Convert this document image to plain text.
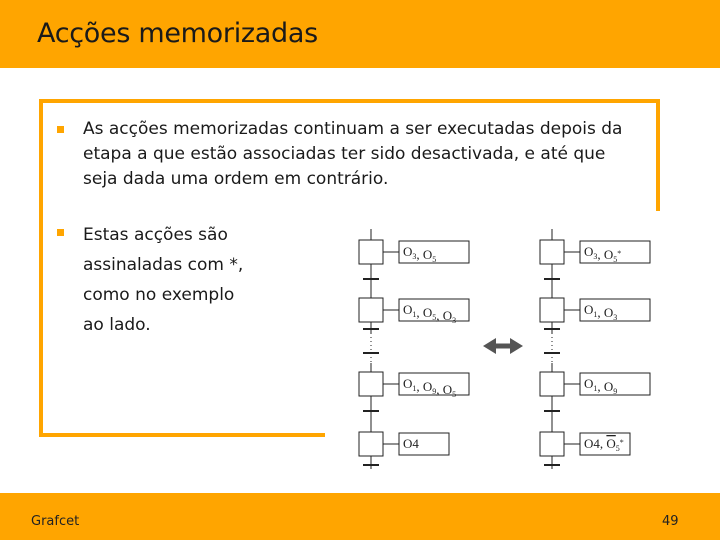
Acções memorizadas
As acções memorizadas continuam a ser executadas depois da
etapa a que estão associadas ter sido desactivada, e até que
seja dada uma ordem em contrário.
Estas acções são
assinaladas com *,
como no exemplo
ao lado.
$O_3$, $O_5$
$O_1$, $O_5$, $O_3$
$O_1$, $O_9$, $O_5$
O4
$O_3$, $O_5^*$
$O_1$, $O_3$
$O_1$, $O_9$
O4, $O_5^*$
Grafcet	49
